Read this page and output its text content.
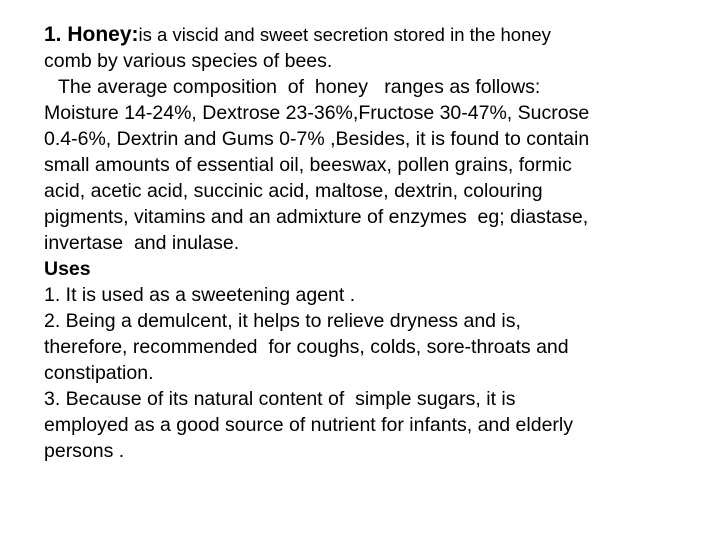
1. Honey:is a viscid and sweet secretion stored in the honey

comb by various species of bees.

The average composition  of  honey   ranges as follows:

Moisture 14-24%, Dextrose 23-36%,Fructose 30-47%, Sucrose

0.4-6%, Dextrin and Gums 0-7% ,Besides, it is found to contain

small amounts of essential oil, beeswax, pollen grains, formic

acid, acetic acid, succinic acid, maltose, dextrin, colouring

pigments, vitamins and an admixture of enzymes  eg; diastase,

invertase  and inulase.

Uses

1. It is used as a sweetening agent .

2. Being a demulcent, it helps to relieve dryness and is,

therefore, recommended  for coughs, colds, sore-throats and

constipation.

3. Because of its natural content of  simple sugars, it is

employed as a good source of nutrient for infants, and elderly

persons .
